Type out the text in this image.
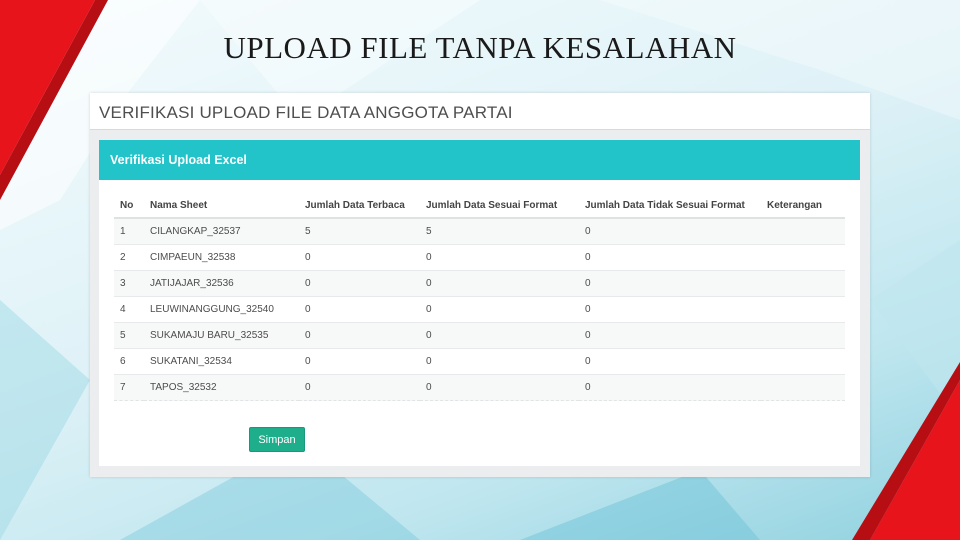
UPLOAD FILE TANPA KESALAHAN
VERIFIKASI UPLOAD FILE DATA ANGGOTA PARTAI
Verifikasi Upload Excel
No	Nama Sheet	Jumlah Data Terbaca	Jumlah Data Sesuai Format	Jumlah Data Tidak Sesuai Format	Keterangan
1	CILANGKAP_32537	5	5	0	
2	CIMPAEUN_32538	0	0	0	
3	JATIJAJAR_32536	0	0	0	
4	LEUWINANGGUNG_32540	0	0	0	
5	SUKAMAJU BARU_32535	0	0	0	
6	SUKATANI_32534	0	0	0	
7	TAPOS_32532	0	0	0	
Simpan
